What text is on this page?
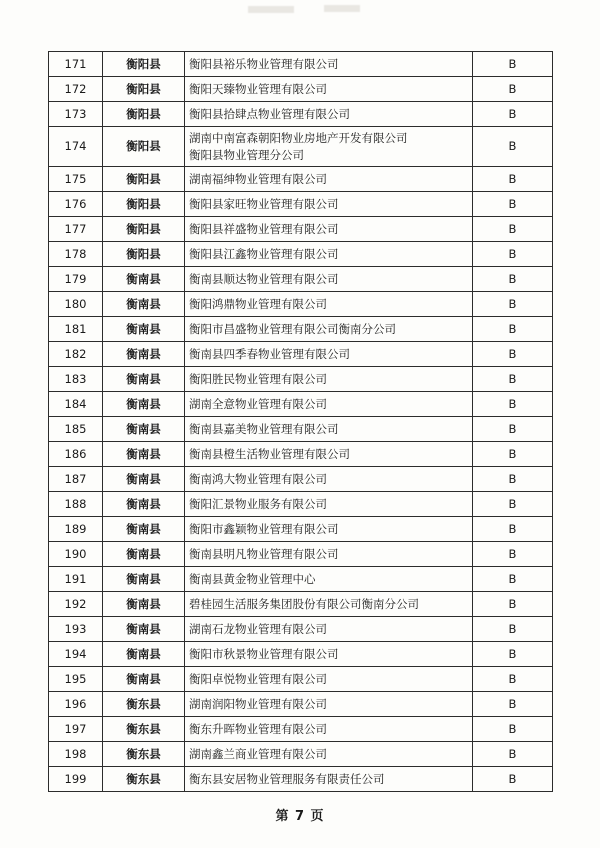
171	衡阳县	衡阳县裕乐物业管理有限公司	B
172	衡阳县	衡阳天臻物业管理有限公司	B
173	衡阳县	衡阳县拾肆点物业管理有限公司	B
174	衡阳县	湖南中南富森朝阳物业房地产开发有限公司
衡阳县物业管理分公司	B
175	衡阳县	湖南福绅物业管理有限公司	B
176	衡阳县	衡阳县家旺物业管理有限公司	B
177	衡阳县	衡阳县祥盛物业管理有限公司	B
178	衡阳县	衡阳县江鑫物业管理有限公司	B
179	衡南县	衡南县顺达物业管理有限公司	B
180	衡南县	衡阳鸿鼎物业管理有限公司	B
181	衡南县	衡阳市昌盛物业管理有限公司衡南分公司	B
182	衡南县	衡南县四季春物业管理有限公司	B
183	衡南县	衡阳胜民物业管理有限公司	B
184	衡南县	湖南全意物业管理有限公司	B
185	衡南县	衡南县嘉美物业管理有限公司	B
186	衡南县	衡南县橙生活物业管理有限公司	B
187	衡南县	衡南鸿大物业管理有限公司	B
188	衡南县	衡阳汇景物业服务有限公司	B
189	衡南县	衡阳市鑫颖物业管理有限公司	B
190	衡南县	衡南县明凡物业管理有限公司	B
191	衡南县	衡南县黄金物业管理中心	B
192	衡南县	碧桂园生活服务集团股份有限公司衡南分公司	B
193	衡南县	湖南石龙物业管理有限公司	B
194	衡南县	衡阳市秋景物业管理有限公司	B
195	衡南县	衡阳卓悦物业管理有限公司	B
196	衡东县	湖南润阳物业管理有限公司	B
197	衡东县	衡东升晖物业管理有限公司	B
198	衡东县	湖南鑫兰商业管理有限公司	B
199	衡东县	衡东县安居物业管理服务有限责任公司	B
第 7 页
